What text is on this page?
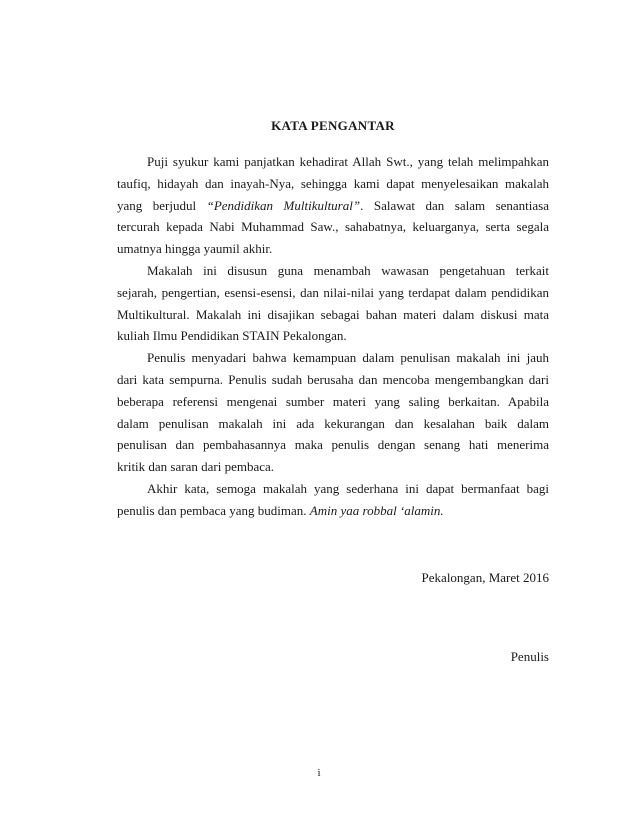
KATA PENGANTAR
Puji syukur kami panjatkan kehadirat Allah Swt., yang telah melimpahkan
taufiq, hidayah dan inayah-Nya, sehingga kami dapat menyelesaikan makalah
yang berjudul “Pendidikan Multikultural”. Salawat dan salam senantiasa
tercurah kepada Nabi Muhammad Saw., sahabatnya, keluarganya, serta segala
umatnya hingga yaumil akhir.
Makalah ini disusun guna menambah wawasan pengetahuan terkait
sejarah, pengertian, esensi-esensi, dan nilai-nilai yang terdapat dalam pendidikan
Multikultural. Makalah ini disajikan sebagai bahan materi dalam diskusi mata
kuliah Ilmu Pendidikan STAIN Pekalongan.
Penulis menyadari bahwa kemampuan dalam penulisan makalah ini jauh
dari kata sempurna. Penulis sudah berusaha dan mencoba mengembangkan dari
beberapa referensi mengenai sumber materi yang saling berkaitan. Apabila
dalam penulisan makalah ini ada kekurangan dan kesalahan baik dalam
penulisan dan pembahasannya maka penulis dengan senang hati menerima
kritik dan saran dari pembaca.
Akhir kata, semoga makalah yang sederhana ini dapat bermanfaat bagi
penulis dan pembaca yang budiman. Amin yaa robbal ‘alamin.

Pekalongan, Maret 2016

Penulis

i
